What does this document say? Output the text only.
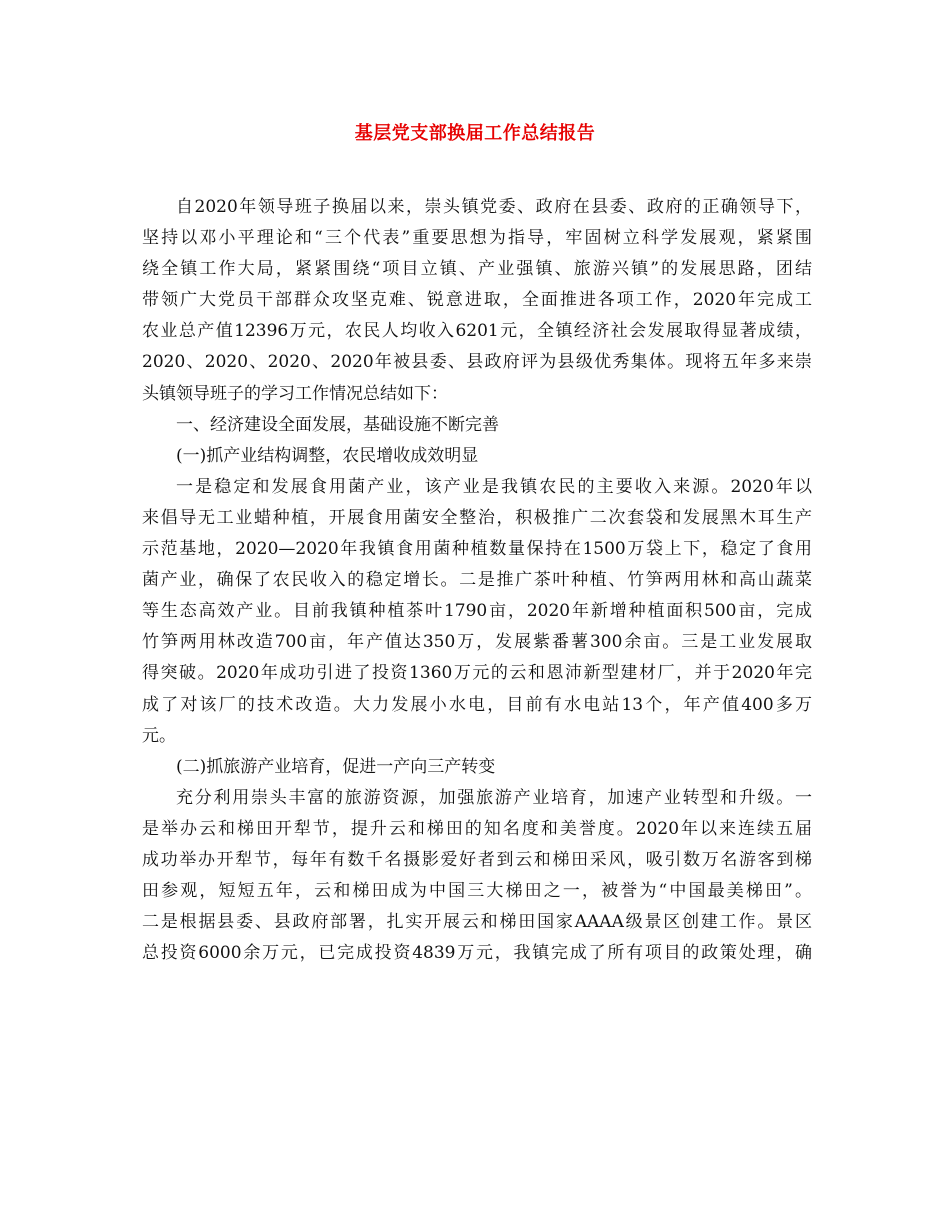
基层党支部换届工作总结报告
自2020年领导班子换届以来，崇头镇党委、政府在县委、政府的正确领导下，
坚持以邓小平理论和“三个代表”重要思想为指导，牢固树立科学发展观，紧紧围
绕全镇工作大局，紧紧围绕“项目立镇、产业强镇、旅游兴镇”的发展思路，团结
带领广大党员干部群众攻坚克难、锐意进取，全面推进各项工作，2020年完成工
农业总产值12396万元，农民人均收入6201元，全镇经济社会发展取得显著成绩，
2020、2020、2020、2020年被县委、县政府评为县级优秀集体。现将五年多来崇
头镇领导班子的学习工作情况总结如下：
一、经济建设全面发展，基础设施不断完善
(一)抓产业结构调整，农民增收成效明显
一是稳定和发展食用菌产业，该产业是我镇农民的主要收入来源。2020年以
来倡导无工业蜡种植，开展食用菌安全整治，积极推广二次套袋和发展黑木耳生产
示范基地，2020—2020年我镇食用菌种植数量保持在1500万袋上下，稳定了食用
菌产业，确保了农民收入的稳定增长。二是推广茶叶种植、竹笋两用林和高山蔬菜
等生态高效产业。目前我镇种植茶叶1790亩，2020年新增种植面积500亩，完成
竹笋两用林改造700亩，年产值达350万，发展紫番薯300余亩。三是工业发展取
得突破。2020年成功引进了投资1360万元的云和恩沛新型建材厂，并于2020年完
成了对该厂的技术改造。大力发展小水电，目前有水电站13个，年产值400多万
元。
(二)抓旅游产业培育，促进一产向三产转变
充分利用崇头丰富的旅游资源，加强旅游产业培育，加速产业转型和升级。一
是举办云和梯田开犁节，提升云和梯田的知名度和美誉度。2020年以来连续五届
成功举办开犁节，每年有数千名摄影爱好者到云和梯田采风，吸引数万名游客到梯
田参观，短短五年，云和梯田成为中国三大梯田之一，被誉为“中国最美梯田”。
二是根据县委、县政府部署，扎实开展云和梯田国家AAAA级景区创建工作。景区
总投资6000余万元，已完成投资4839万元，我镇完成了所有项目的政策处理，确
